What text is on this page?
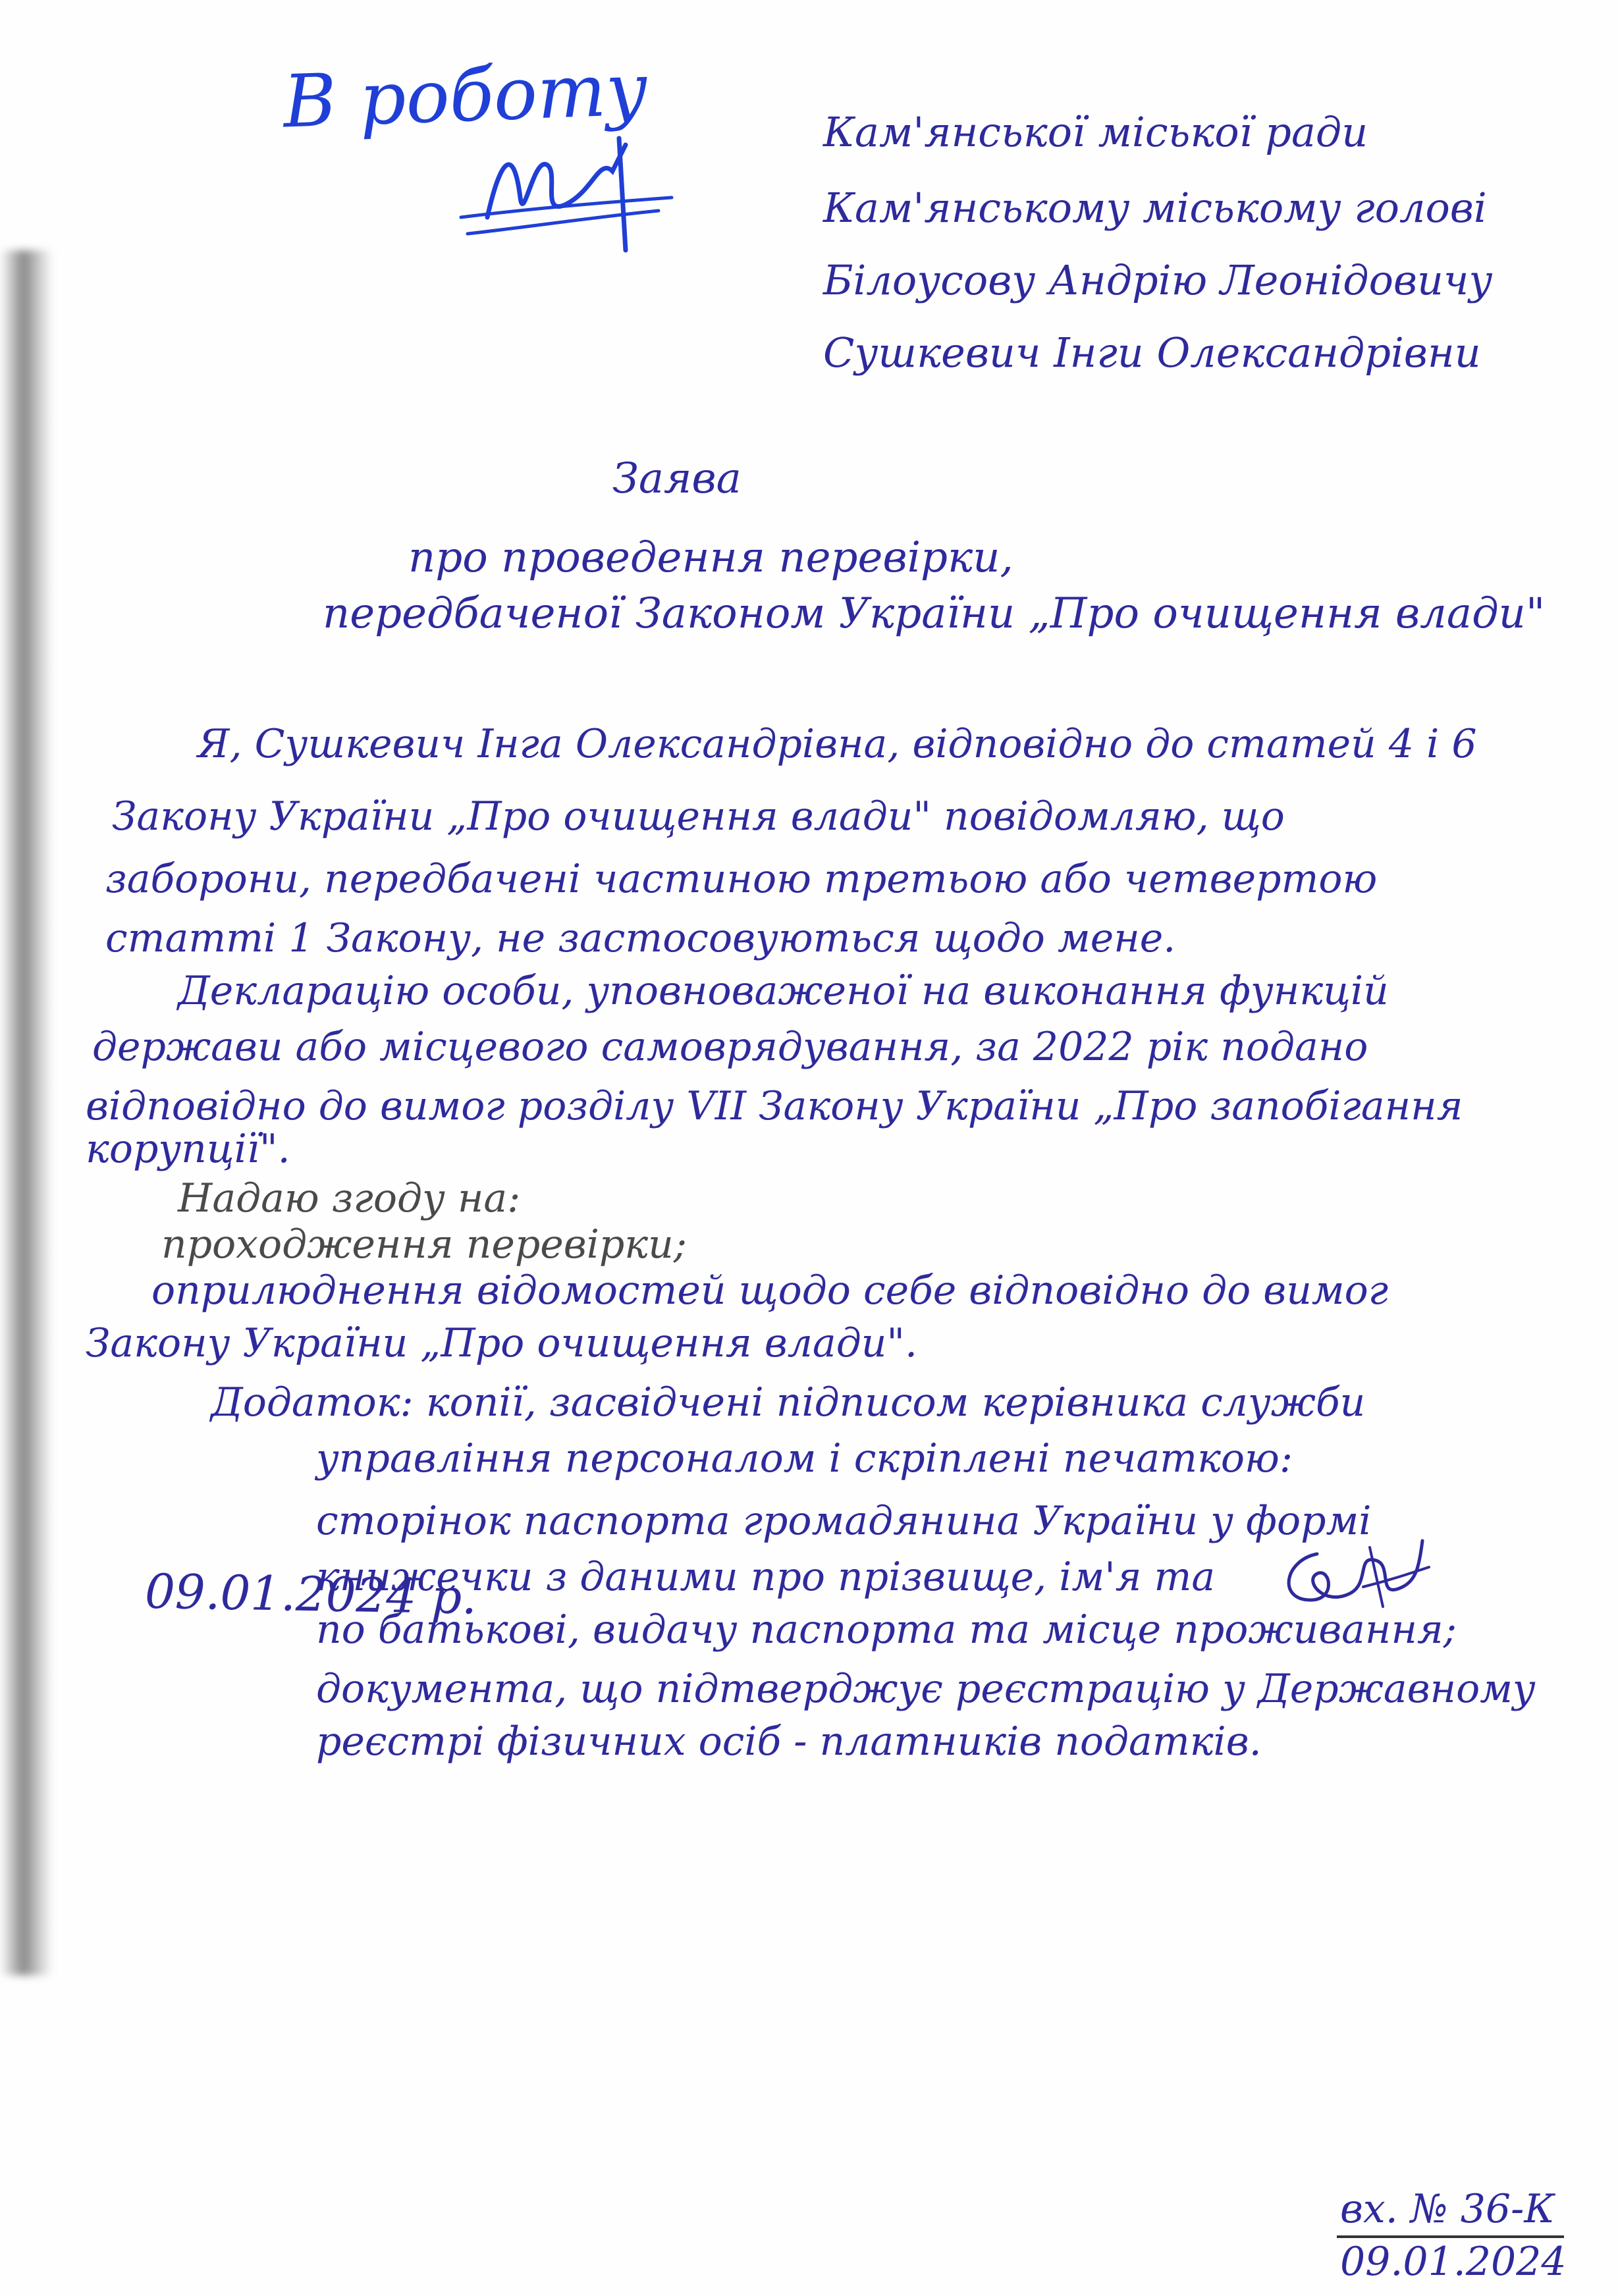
В роботу	Кам'янської міської ради

Кам'янському міському голові

Білоусову Андрію Леонідовичу

Сушкевич Інги Олександрівни

Заява

про проведення перевірки,

передбаченої Законом України „Про очищення влади"

Я, Сушкевич Інга Олександрівна, відповідно до статей 4 і 6

Закону України „Про очищення влади" повідомляю, що

заборони, передбачені частиною третьою або четвертою

статті 1 Закону, не застосовуються щодо мене.

Декларацію особи, уповноваженої на виконання функцій

держави або місцевого самоврядування, за 2022 рік подано

відповідно до вимог розділу VII Закону України „Про запобігання

корупції".

Надаю згоду на:

проходження перевірки;

оприлюднення відомостей щодо себе відповідно до вимог

Закону України „Про очищення влади".

Додаток: копії, засвідчені підписом керівника служби

управління персоналом і скріплені печаткою:

сторінок паспорта громадянина України у формі

книжечки з даними про прізвище, ім'я та

по батькові, видачу паспорта та місце проживання;

документа, що підтверджує реєстрацію у Державному

реєстрі фізичних осіб - платників податків.

09.01.2024 р.

вх. № 36-К

09.01.2024
